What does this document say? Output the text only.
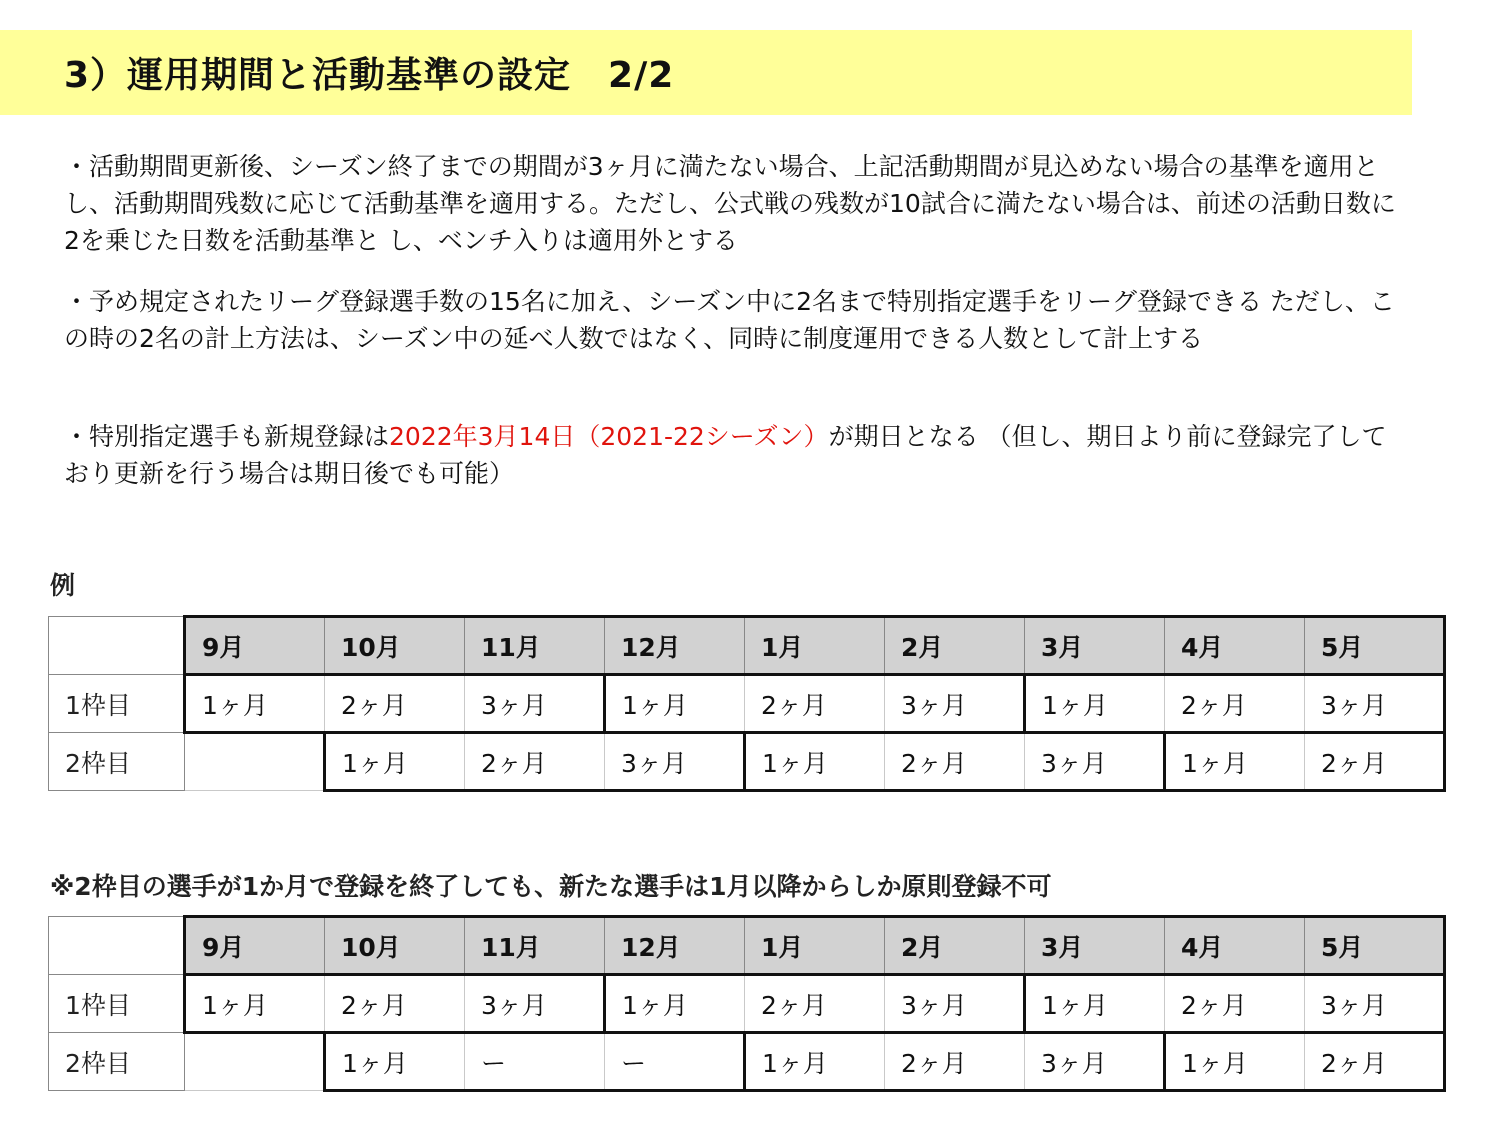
3）運用期間と活動基準の設定　2/2

・活動期間更新後、シーズン終了までの期間が3ヶ月に満たない場合、上記活動期間が見込めない場合の基準を適用とし、活動期間残数に応じて活動基準を適用する。ただし、公式戦の残数が10試合に満たない場合は、前述の活動日数に2を乗じた日数を活動基準と し、ベンチ入りは適用外とする

・予め規定されたリーグ登録選手数の15名に加え、シーズン中に2名まで特別指定選手をリーグ登録できる ただし、この時の2名の計上方法は、シーズン中の延べ人数ではなく、同時に制度運用できる人数として計上する

・特別指定選手も新規登録は2022年3月14日（2021-22シーズン）が期日となる （但し、期日より前に登録完了しており更新を行う場合は期日後でも可能）

例

	9月	10月	11月	12月	1月	2月	3月	4月	5月
1枠目	1ヶ月	2ヶ月	3ヶ月	1ヶ月	2ヶ月	3ヶ月	1ヶ月	2ヶ月	3ヶ月
2枠目		1ヶ月	2ヶ月	3ヶ月	1ヶ月	2ヶ月	3ヶ月	1ヶ月	2ヶ月

※2枠目の選手が1か月で登録を終了しても、新たな選手は1月以降からしか原則登録不可

	9月	10月	11月	12月	1月	2月	3月	4月	5月
1枠目	1ヶ月	2ヶ月	3ヶ月	1ヶ月	2ヶ月	3ヶ月	1ヶ月	2ヶ月	3ヶ月
2枠目		1ヶ月	ー	ー	1ヶ月	2ヶ月	3ヶ月	1ヶ月	2ヶ月
